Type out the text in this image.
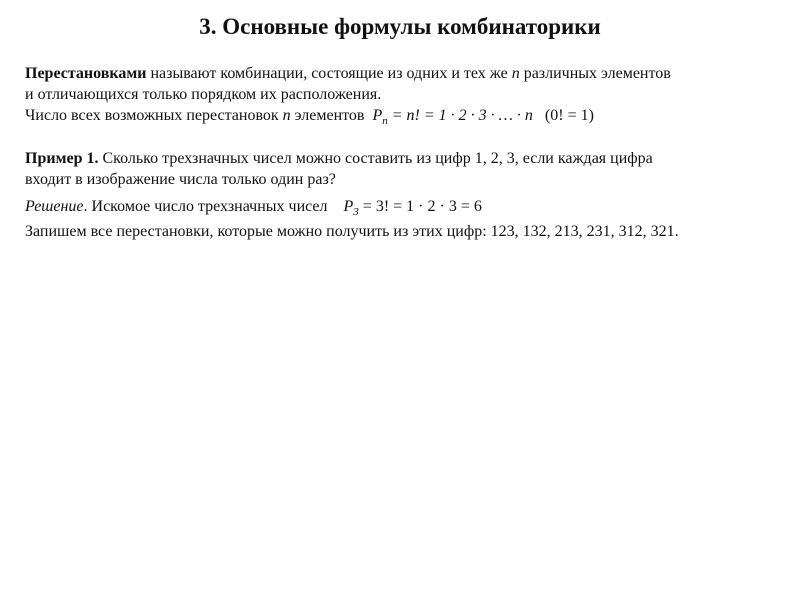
3. Основные формулы комбинаторики
Перестановками называют комбинации, состоящие из одних и тех же n различных элементов
и отличающихся только порядком их расположения.
Число всех возможных перестановок n элементов $P_n = n$! = 1 · 2 · 3 · … · n (0! = 1)
Пример 1. Сколько трехзначных чисел можно составить из цифр 1, 2, 3, если каждая цифра
входит в изображение числа только один раз?
Решение. Искомое число трехзначных чисел $P_3 = 3$! = 1 · 2 · 3 = 6
Запишем все перестановки, которые можно получить из этих цифр: 123, 132, 213, 231, 312, 321.
